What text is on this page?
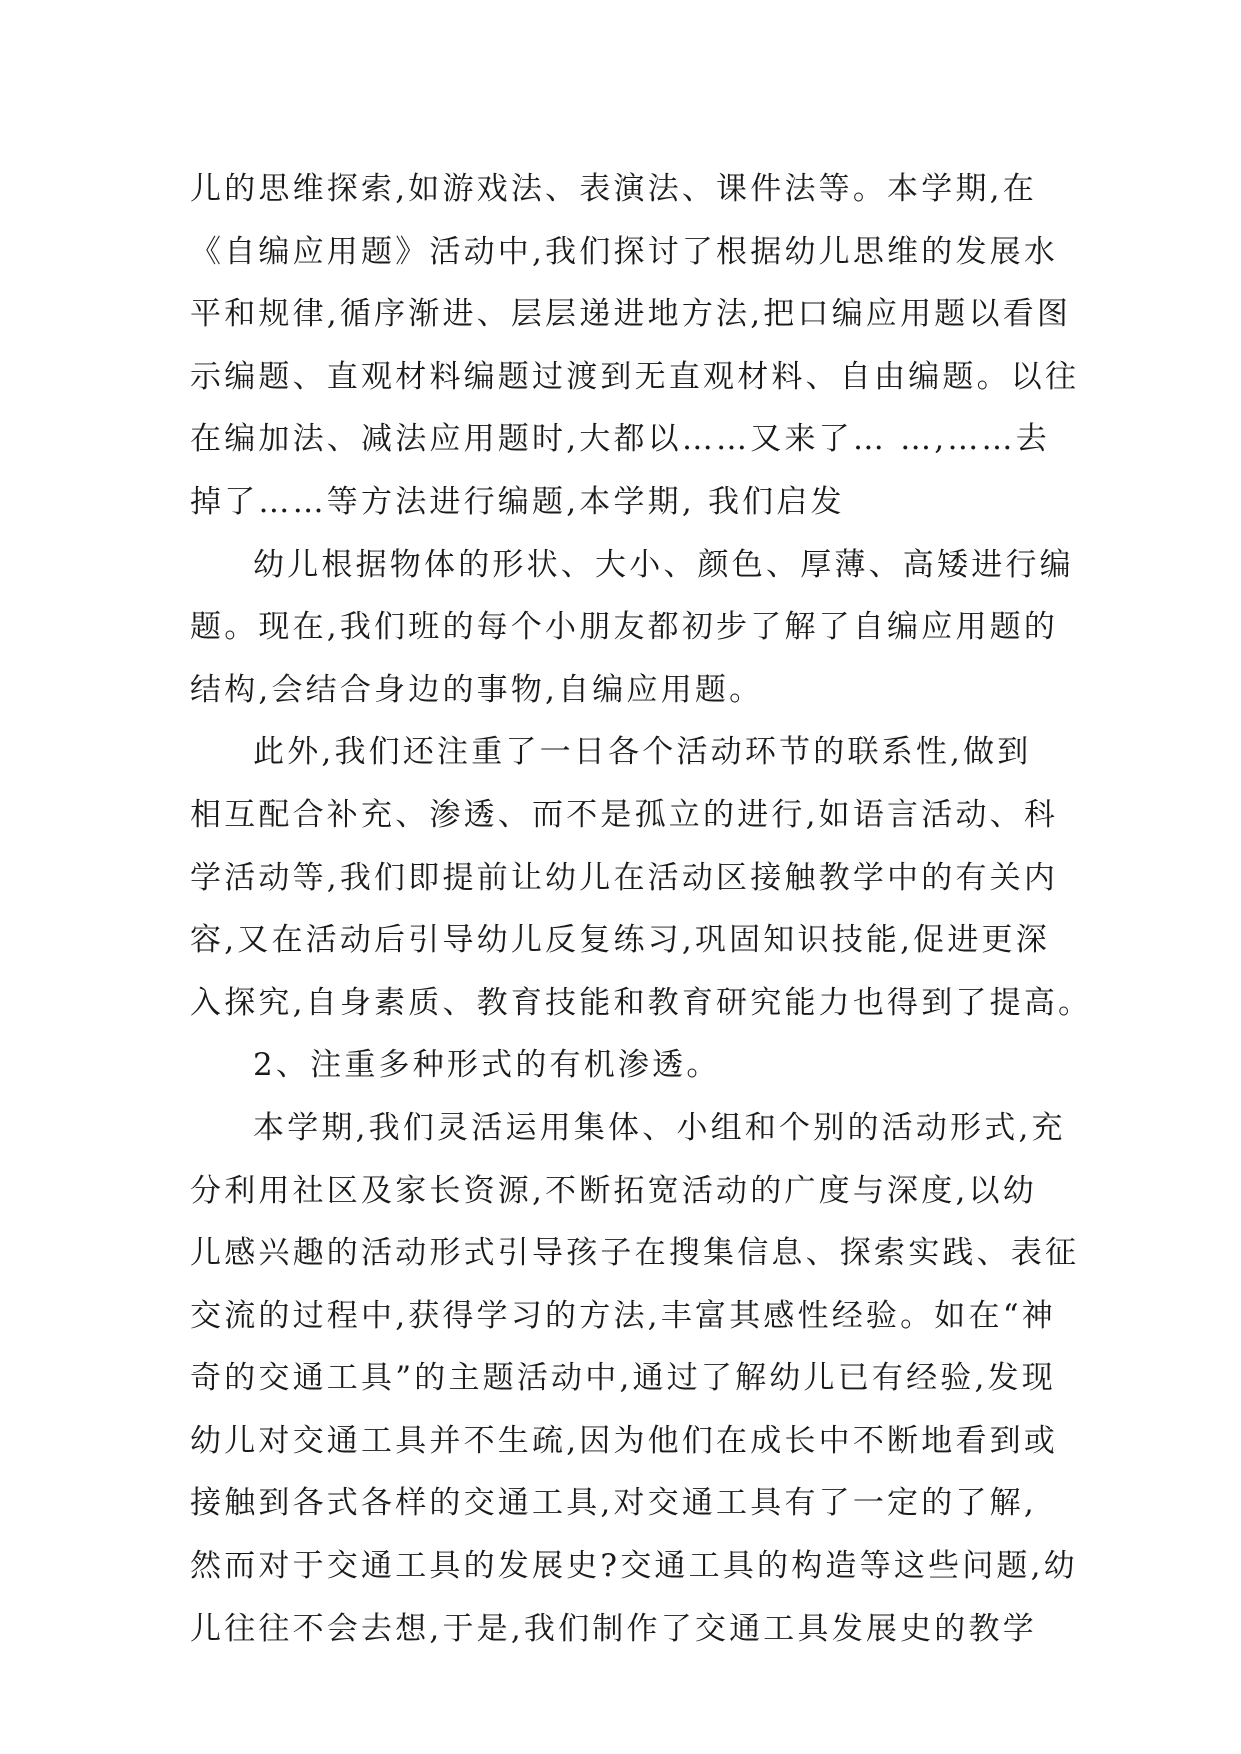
儿的思维探索,如游戏法、表演法、课件法等。本学期,在
《自编应用题》活动中,我们探讨了根据幼儿思维的发展水
平和规律,循序渐进、层层递进地方法,把口编应用题以看图
示编题、直观材料编题过渡到无直观材料、自由编题。以往
在编加法、减法应用题时,大都以……又来了… …,……去
掉了……等方法进行编题,本学期, 我们启发
幼儿根据物体的形状、大小、颜色、厚薄、高矮进行编
题。现在,我们班的每个小朋友都初步了解了自编应用题的
结构,会结合身边的事物,自编应用题。
此外,我们还注重了一日各个活动环节的联系性,做到
相互配合补充、渗透、而不是孤立的进行,如语言活动、科
学活动等,我们即提前让幼儿在活动区接触教学中的有关内
容,又在活动后引导幼儿反复练习,巩固知识技能,促进更深
入探究,自身素质、教育技能和教育研究能力也得到了提高。
2、注重多种形式的有机渗透。
本学期,我们灵活运用集体、小组和个别的活动形式,充
分利用社区及家长资源,不断拓宽活动的广度与深度,以幼
儿感兴趣的活动形式引导孩子在搜集信息、探索实践、表征
交流的过程中,获得学习的方法,丰富其感性经验。如在“神
奇的交通工具”的主题活动中,通过了解幼儿已有经验,发现
幼儿对交通工具并不生疏,因为他们在成长中不断地看到或
接触到各式各样的交通工具,对交通工具有了一定的了解,
然而对于交通工具的发展史?交通工具的构造等这些问题,幼
儿往往不会去想,于是,我们制作了交通工具发展史的教学
